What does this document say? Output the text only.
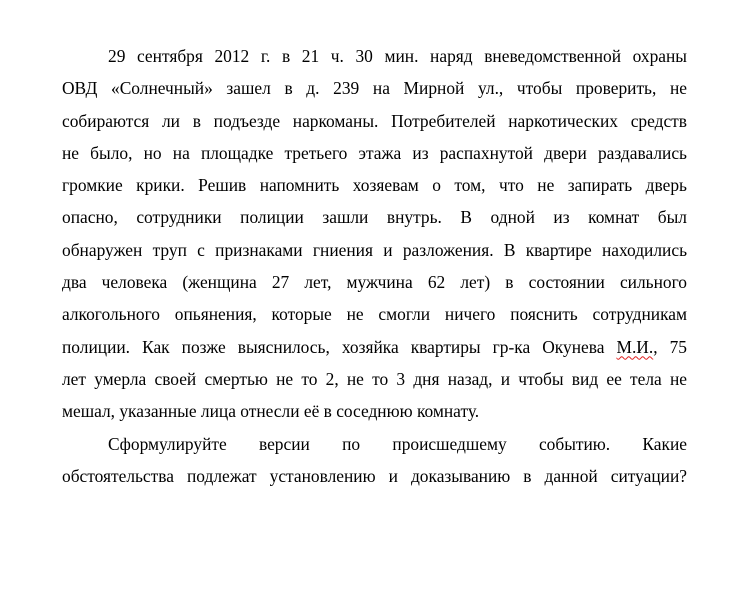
29 сентября 2012 г. в 21 ч. 30 мин. наряд вневедомственной охраны
ОВД «Солнечный» зашел в д. 239 на Мирной ул., чтобы проверить, не
собираются ли в подъезде наркоманы. Потребителей наркотических средств
не было, но на площадке третьего этажа из распахнутой двери раздавались
громкие крики. Решив напомнить хозяевам о том, что не запирать дверь
опасно, сотрудники полиции зашли внутрь. В одной из комнат был
обнаружен труп с признаками гниения и разложения. В квартире находились
два человека (женщина 27 лет, мужчина 62 лет) в состоянии сильного
алкогольного опьянения, которые не смогли ничего пояснить сотрудникам
полиции. Как позже выяснилось, хозяйка квартиры гр-ка Окунева М.И., 75
лет умерла своей смертью не то 2, не то 3 дня назад, и чтобы вид ее тела не
мешал, указанные лица отнесли её в соседнюю комнату.
Сформулируйте версии по происшедшему событию. Какие
обстоятельства подлежат установлению и доказыванию в данной ситуации?
